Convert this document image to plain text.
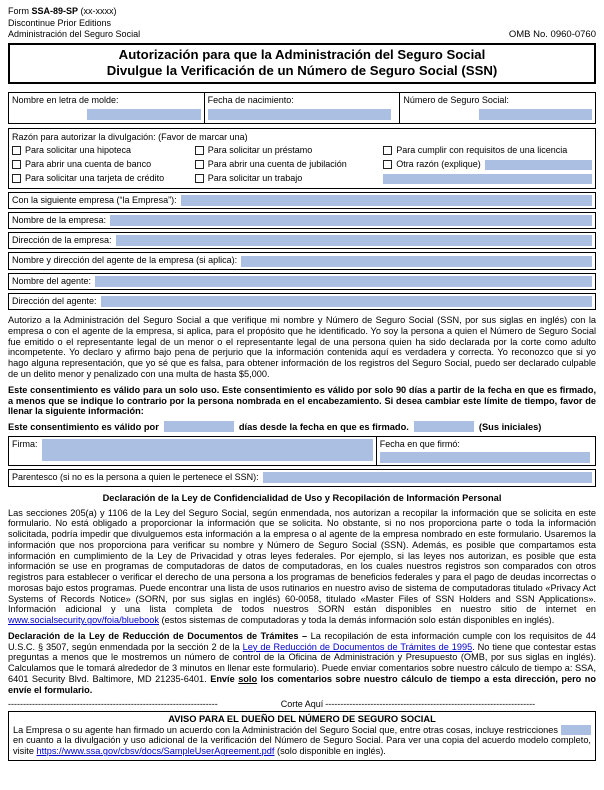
Form SSA-89-SP (xx-xxxx)
Discontinue Prior Editions
Administración del Seguro Social	OMB No. 0960-0760
Autorización para que la Administración del Seguro Social
Divulgue la Verificación de un Número de Seguro Social (SSN)
Nombre en letra de molde:	Fecha de nacimiento:	Número de Seguro Social:
Razón para autorizar la divulgación: (Favor de marcar una)
Para solicitar una hipoteca	Para solicitar un préstamo	Para cumplir con requisitos de una licencia
Para abrir una cuenta de banco	Para abrir una cuenta de jubilación	Otra razón (explique)
Para solicitar una tarjeta de crédito	Para solicitar un trabajo
Con la siguiente empresa (“la Empresa”):
Nombre de la empresa:
Dirección de la empresa:
Nombre y dirección del agente de la empresa (si aplica):
Nombre del agente:
Dirección del agente:

Autorizo a la Administración del Seguro Social a que verifique mi nombre y Número de Seguro Social (SSN, por sus siglas en inglés) con la empresa o con el agente de la empresa, si aplica, para el propósito que he identificado. Yo soy la persona a quien el Número de Seguro Social fue emitido o el representante legal de un menor o el representante legal de una persona quien ha sido declarada por la corte como adulto incompetente. Yo declaro y afirmo bajo pena de perjurio que la información contenida aquí es verdadera y correcta. Yo reconozco que si yo hago alguna representación, que yo sé que es falsa, para obtener información de los registros del Seguro Social, puedo ser declarado culpable de un delito menor y penalizado con una multa de hasta $5,000.

Este consentimiento es válido para un solo uso. Este consentimiento es válido por solo 90 días a partir de la fecha en que es firmado, a menos que se indique lo contrario por la persona nombrada en el encabezamiento. Si desea cambiar este límite de tiempo, favor de llenar la siguiente información:

Este consentimiento es válido por	días desde la fecha en que es firmado.	(Sus iniciales)
Firma:	Fecha en que firmó:
Parentesco (si no es la persona a quien le pertenece el SSN):
Declaración de la Ley de Confidencialidad de Uso y Recopilación de Información Personal

Las secciones 205(a) y 1106 de la Ley del Seguro Social, según enmendada, nos autorizan a recopilar la información que se solicita en este formulario. No está obligado a proporcionar la información que se solicita. No obstante, si no nos proporciona parte o toda la información solicitada, podría impedir que divulguemos esta información a la empresa o al agente de la empresa nombrado en este formulario. Usaremos la información que nos proporciona para verificar su nombre y Número de Seguro Social (SSN). Además, es posible que compartamos esta información en cumplimiento de la Ley de Privacidad y otras leyes federales. Por ejemplo, si las leyes nos autorizan, es posible que esta información se use en programas de computadoras de datos de computadoras, en los cuales nuestros registros son comparados con otros registros para establecer o verificar el derecho de una persona a los programas de beneficios federales y para el pago de deudas incorrectas o morosas bajo estos programas. Puede encontrar una lista de usos rutinarios en nuestro aviso de sistema de computadoras titulado «Privacy Act Systems of Records Notice» (SORN, por sus siglas en inglés) 60-0058, titulado «Master Files of SSN Holders and SSN Applications». Información adicional y una lista completa de todos nuestros SORN están disponibles en nuestro sitio de internet en www.socialsecurity.gov/foia/bluebook (estos sistemas de computadoras y toda la demás información solo están disponibles en inglés).

Declaración de la Ley de Reducción de Documentos de Trámites – La recopilación de esta información cumple con los requisitos de 44 U.S.C. § 3507, según enmendada por la sección 2 de la Ley de Reducción de Documentos de Trámites de 1995. No tiene que contestar estas preguntas a menos que le mostremos un número de control de la Oficina de Administración y Presupuesto (OMB, por sus siglas en inglés). Calculamos que le tomará alrededor de 3 minutos en llenar este formulario). Puede enviar comentarios sobre nuestro cálculo de tiempo a: SSA, 6401 Security Blvd. Baltimore, MD 21235-6401. Envíe solo los comentarios sobre nuestro cálculo de tiempo a esta dirección, pero no envíe el formulario.

----------------------------------------------------------------------	Corte Aquí ----------------------------------------------------------------------
AVISO PARA EL DUEÑO DEL NÚMERO DE SEGURO SOCIAL

La Empresa o su agente han firmado un acuerdo con la Administración del Seguro Social que, entre otras cosas, incluye restricciones en cuanto a la divulgación y uso adicional de la verificación del Número de Seguro Social. Para ver una copia del acuerdo modelo completo, visite https://www.ssa.gov/cbsv/docs/SampleUserAgreement.pdf (solo disponible en inglés).
